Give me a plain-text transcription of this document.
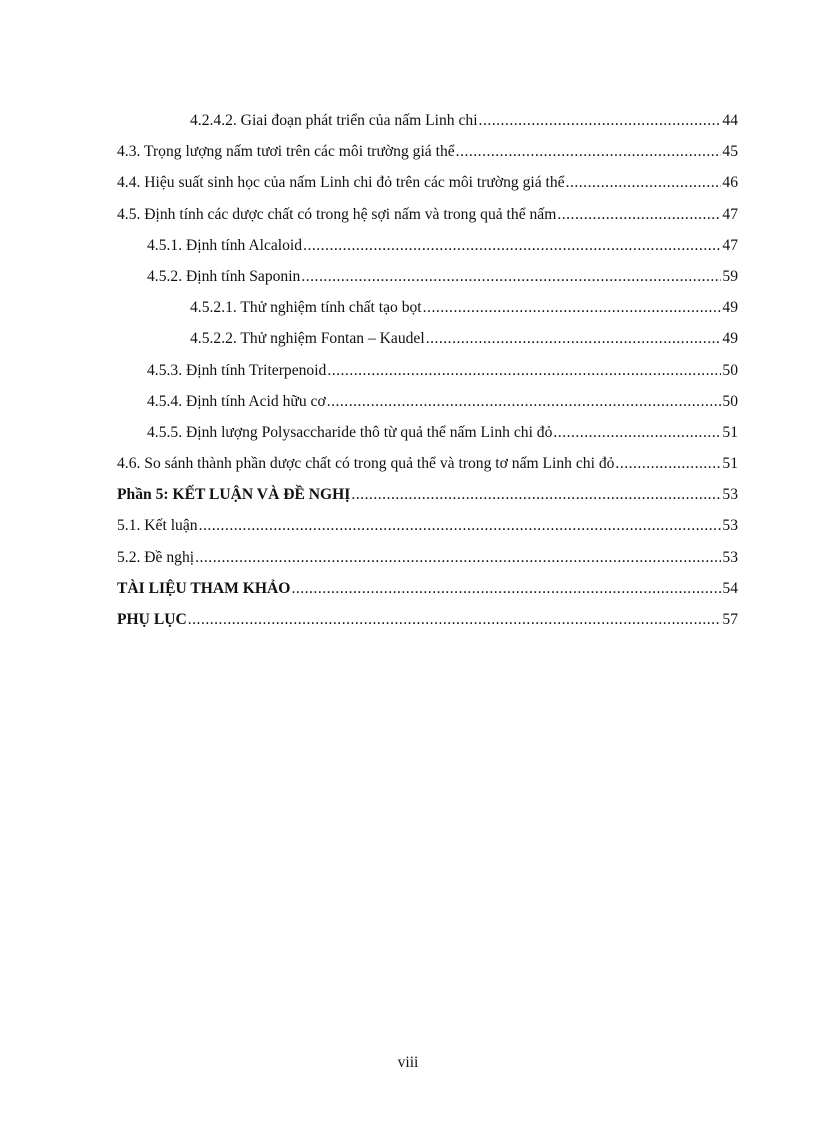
4.2.4.2. Giai đoạn phát triển của nấm Linh chi .....	44
4.3. Trọng lượng nấm tươi trên các môi trường giá thể .....	45
4.4. Hiệu suất sinh học của nấm Linh chi đỏ trên các môi trường giá thể .....	46
4.5. Định tính các dược chất có trong hệ sợi nấm và trong quả thể nấm .....	47
4.5.1. Định tính Alcaloid .....	47
4.5.2. Định tính Saponin .....	59
4.5.2.1. Thử nghiệm tính chất tạo bọt .....	49
4.5.2.2. Thử nghiệm Fontan – Kaudel .....	49
4.5.3. Định tính Triterpenoid .....	50
4.5.4. Định tính Acid hữu cơ .....	50
4.5.5. Định lượng Polysaccharide thô từ quả thể nấm Linh chi đỏ .....	51
4.6. So sánh thành phần dược chất có trong quả thể và trong tơ nấm Linh chi đỏ .....	51
Phần 5: KẾT LUẬN VÀ ĐỀ NGHỊ .....	53
5.1. Kết luận .....	53
5.2. Đề nghị .....	53
TÀI LIỆU THAM KHẢO .....	54
PHỤ LỤC .....	57
viii
